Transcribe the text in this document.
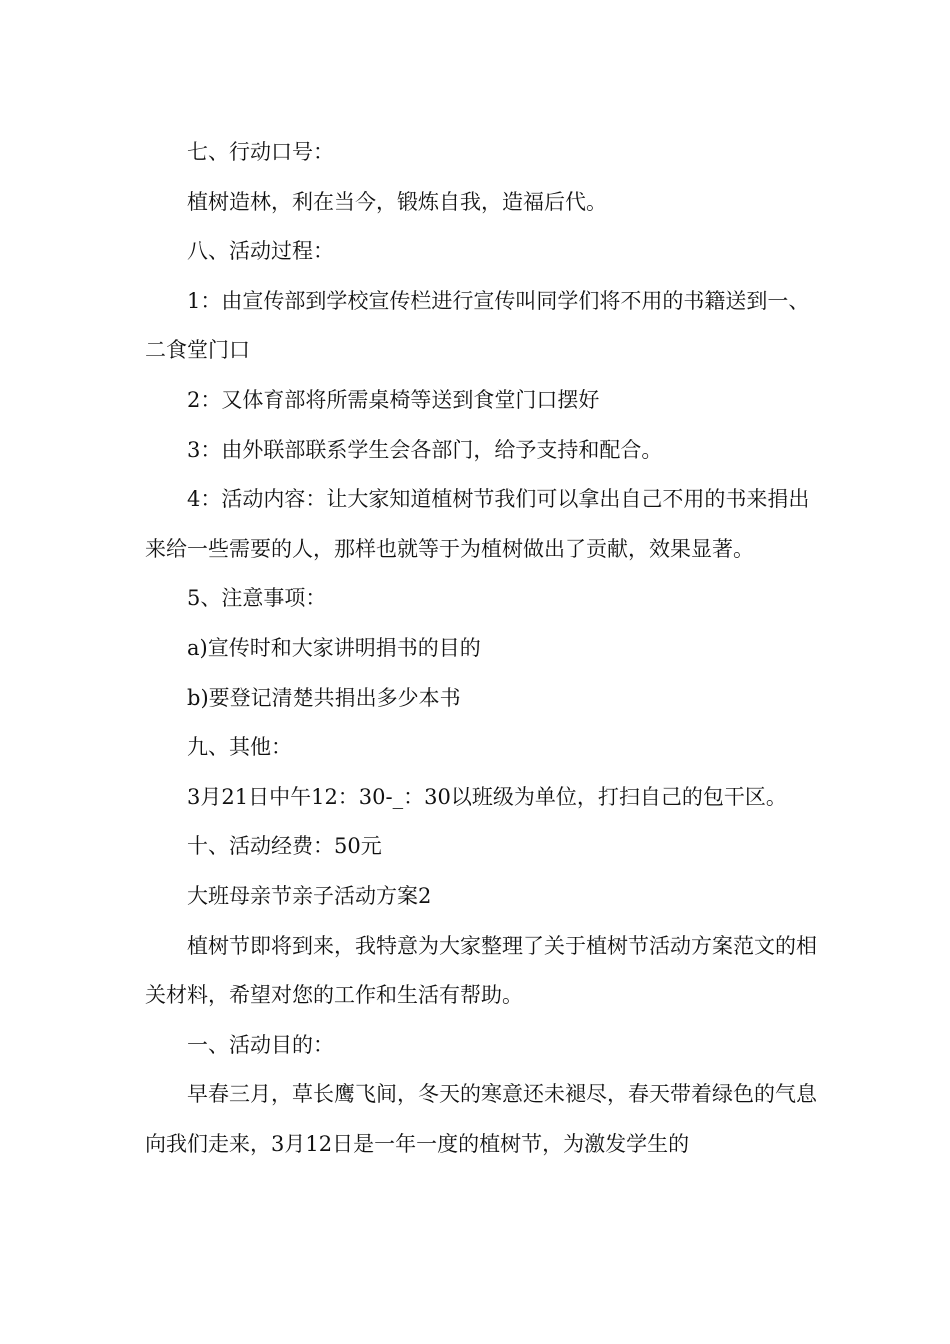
七、行动口号：

植树造林，利在当今，锻炼自我，造福后代。

八、活动过程：

1：由宣传部到学校宣传栏进行宣传叫同学们将不用的书籍送到一、二食堂门口

2：又体育部将所需桌椅等送到食堂门口摆好

3：由外联部联系学生会各部门，给予支持和配合。

4：活动内容：让大家知道植树节我们可以拿出自己不用的书来捐出来给一些需要的人，那样也就等于为植树做出了贡献，效果显著。

5、注意事项：

a)宣传时和大家讲明捐书的目的

b)要登记清楚共捐出多少本书

九、其他：

3月21日中午12：30-_：30以班级为单位，打扫自己的包干区。

十、活动经费：50元

大班母亲节亲子活动方案2

植树节即将到来，我特意为大家整理了关于植树节活动方案范文的相关材料，希望对您的工作和生活有帮助。

一、活动目的：

早春三月，草长鹰飞间，冬天的寒意还未褪尽，春天带着绿色的气息向我们走来，3月12日是一年一度的植树节，为激发学生的
